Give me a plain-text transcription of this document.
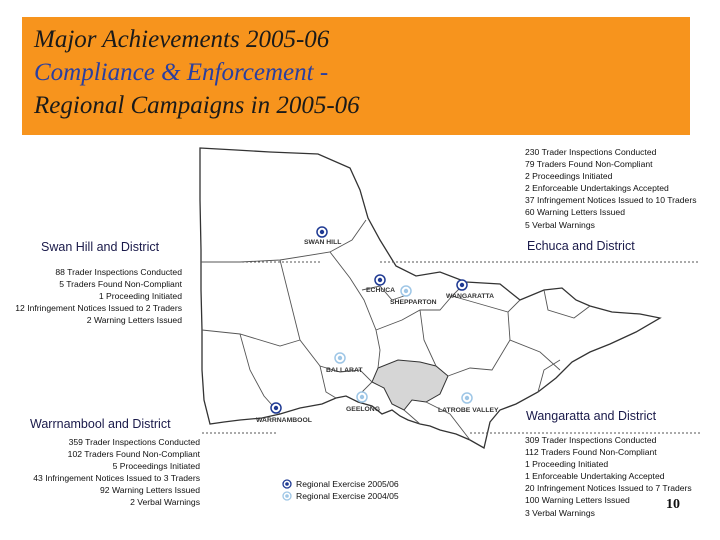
Major Achievements 2005-06
Compliance & Enforcement -
Regional Campaigns in 2005-06
SWAN HILL
ECHUCA
SHEPPARTON
WANGARATTA
BALLARAT
GEELONG	LATROBE VALLEY
WARRNAMBOOL
230 Trader Inspections Conducted
79 Traders Found Non-Compliant
2 Proceedings Initiated
2 Enforceable Undertakings Accepted
37 Infringement Notices Issued to 10 Traders
60 Warning Letters Issued
5 Verbal Warnings
Echuca and District
Swan Hill and District
88 Trader Inspections Conducted
5 Traders Found Non-Compliant
1 Proceeding Initiated
12 Infringement Notices Issued to 2 Traders
2 Warning Letters Issued
Warrnambool and District
359 Trader Inspections Conducted
102 Traders Found Non-Compliant
5 Proceedings Initiated
43 Infringement Notices Issued to 3 Traders
92 Warning Letters Issued
2 Verbal Warnings
Wangaratta and District
309 Trader Inspections Conducted
112 Traders Found Non-Compliant
1 Proceeding Initiated
1 Enforceable Undertaking Accepted
20 Infringement Notices Issued to 7 Traders
100 Warning Letters Issued
3 Verbal Warnings
Regional Exercise 2005/06
Regional Exercise 2004/05
10
